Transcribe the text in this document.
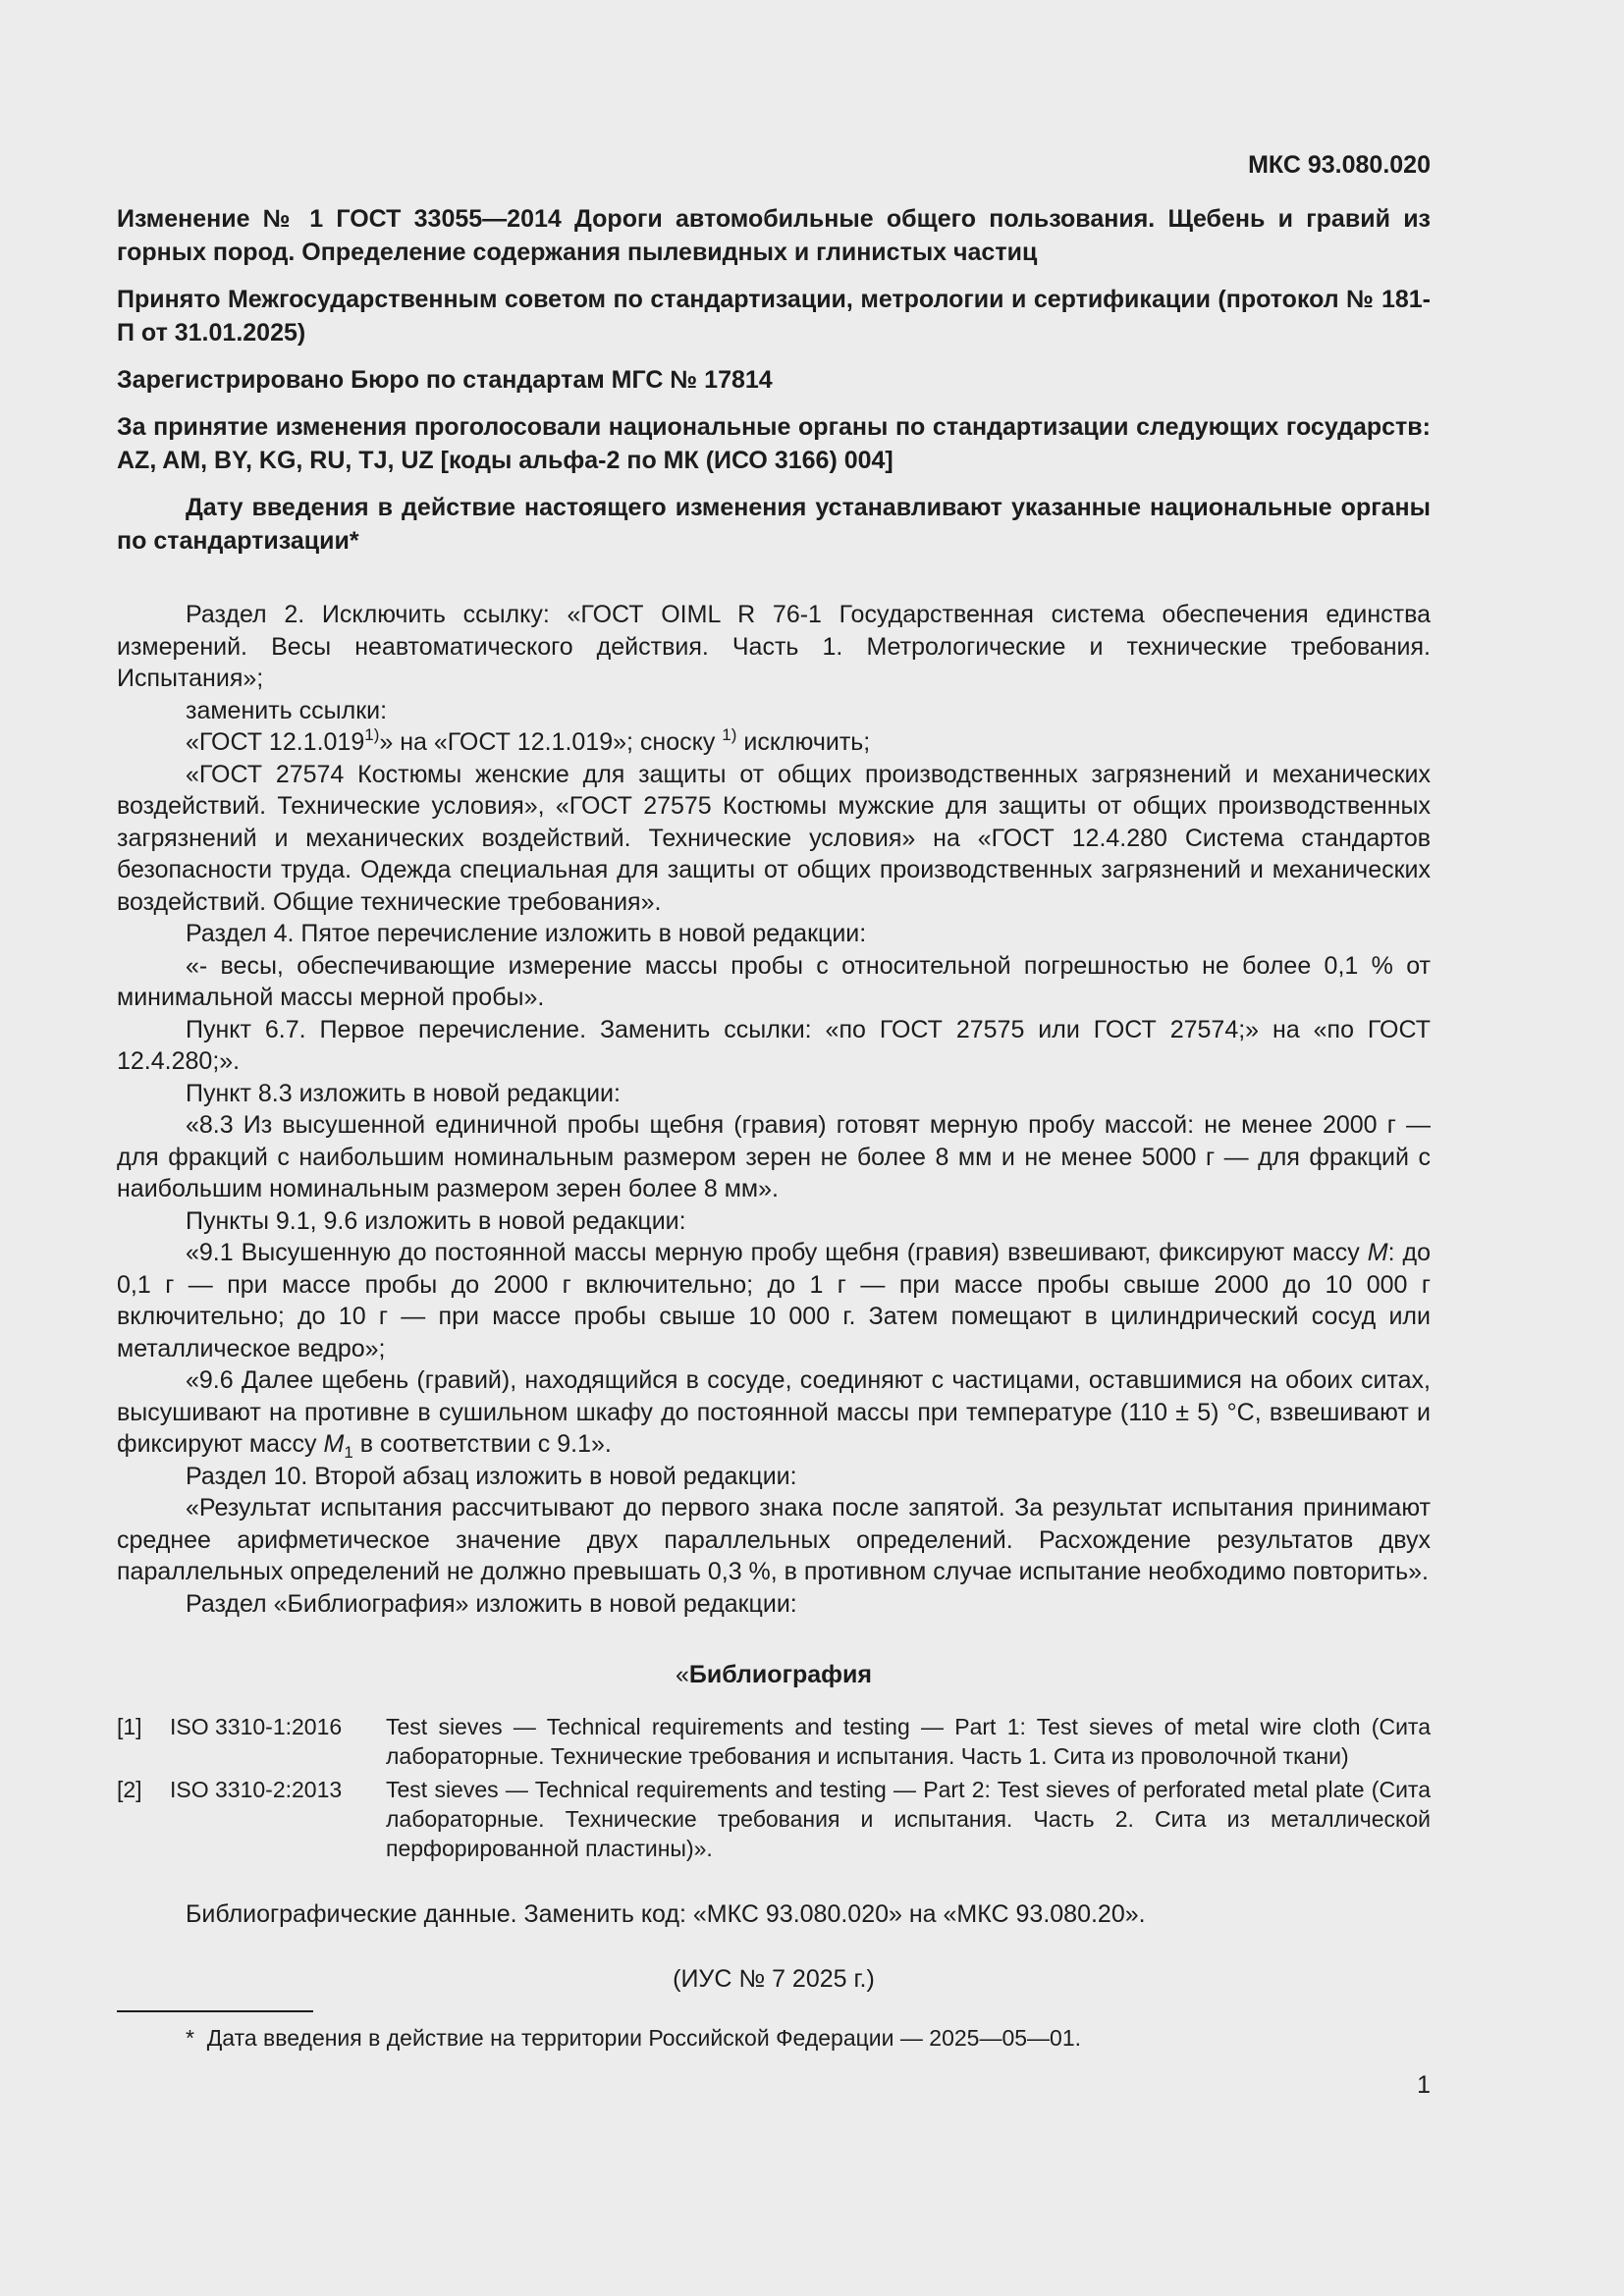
МКС 93.080.020

Изменение № 1 ГОСТ 33055—2014 Дороги автомобильные общего пользования. Щебень и гравий из горных пород. Определение содержания пылевидных и глинистых частиц

Принято Межгосударственным советом по стандартизации, метрологии и сертификации (протокол № 181-П от 31.01.2025)

Зарегистрировано Бюро по стандартам МГС № 17814

За принятие изменения проголосовали национальные органы по стандартизации следующих государств: AZ, AM, BY, KG, RU, TJ, UZ [коды альфа-2 по МК (ИСО 3166) 004]

Дату введения в действие настоящего изменения устанавливают указанные национальные органы по стандартизации*

Раздел 2. Исключить ссылку: «ГОСТ OIML R 76-1 Государственная система обеспечения единства измерений. Весы неавтоматического действия. Часть 1. Метрологические и технические требования. Испытания»;

заменить ссылки:

«ГОСТ 12.1.019$^{1)}$» на «ГОСТ 12.1.019»; сноску $^{1)}$ исключить;

«ГОСТ 27574 Костюмы женские для защиты от общих производственных загрязнений и механических воздействий. Технические условия», «ГОСТ 27575 Костюмы мужские для защиты от общих производственных загрязнений и механических воздействий. Технические условия» на «ГОСТ 12.4.280 Система стандартов безопасности труда. Одежда специальная для защиты от общих производственных загрязнений и механических воздействий. Общие технические требования».

Раздел 4. Пятое перечисление изложить в новой редакции:

«- весы, обеспечивающие измерение массы пробы с относительной погрешностью не более 0,1 % от минимальной массы мерной пробы».

Пункт 6.7. Первое перечисление. Заменить ссылки: «по ГОСТ 27575 или ГОСТ 27574;» на «по ГОСТ 12.4.280;».

Пункт 8.3 изложить в новой редакции:

«8.3 Из высушенной единичной пробы щебня (гравия) готовят мерную пробу массой: не менее 2000 г — для фракций с наибольшим номинальным размером зерен не более 8 мм и не менее 5000 г — для фракций с наибольшим номинальным размером зерен более 8 мм».

Пункты 9.1, 9.6 изложить в новой редакции:

«9.1 Высушенную до постоянной массы мерную пробу щебня (гравия) взвешивают, фиксируют массу M: до 0,1 г — при массе пробы до 2000 г включительно; до 1 г — при массе пробы свыше 2000 до 10 000 г включительно; до 10 г — при массе пробы свыше 10 000 г. Затем помещают в цилиндрический сосуд или металлическое ведро»;

«9.6 Далее щебень (гравий), находящийся в сосуде, соединяют с частицами, оставшимися на обоих ситах, высушивают на противне в сушильном шкафу до постоянной массы при температуре (110 ± 5) °С, взвешивают и фиксируют массу $M_1$ в соответствии с 9.1».

Раздел 10. Второй абзац изложить в новой редакции:

«Результат испытания рассчитывают до первого знака после запятой. За результат испытания принимают среднее арифметическое значение двух параллельных определений. Расхождение результатов двух параллельных определений не должно превышать 0,3 %, в противном случае испытание необходимо повторить».

Раздел «Библиография» изложить в новой редакции:

«Библиография
[1]	ISO 3310-1:2016	Test sieves — Technical requirements and testing — Part 1: Test sieves of metal wire cloth (Сита лабораторные. Технические требования и испытания. Часть 1. Сита из проволочной ткани)
[2]	ISO 3310-2:2013	Test sieves — Technical requirements and testing — Part 2: Test sieves of perforated metal plate (Сита лабораторные. Технические требования и испытания. Часть 2. Сита из металлической перфорированной пластины)».

Библиографические данные. Заменить код: «МКС 93.080.020» на «МКС 93.080.20».

(ИУС № 7 2025 г.)
* Дата введения в действие на территории Российской Федерации — 2025—05—01.
1
